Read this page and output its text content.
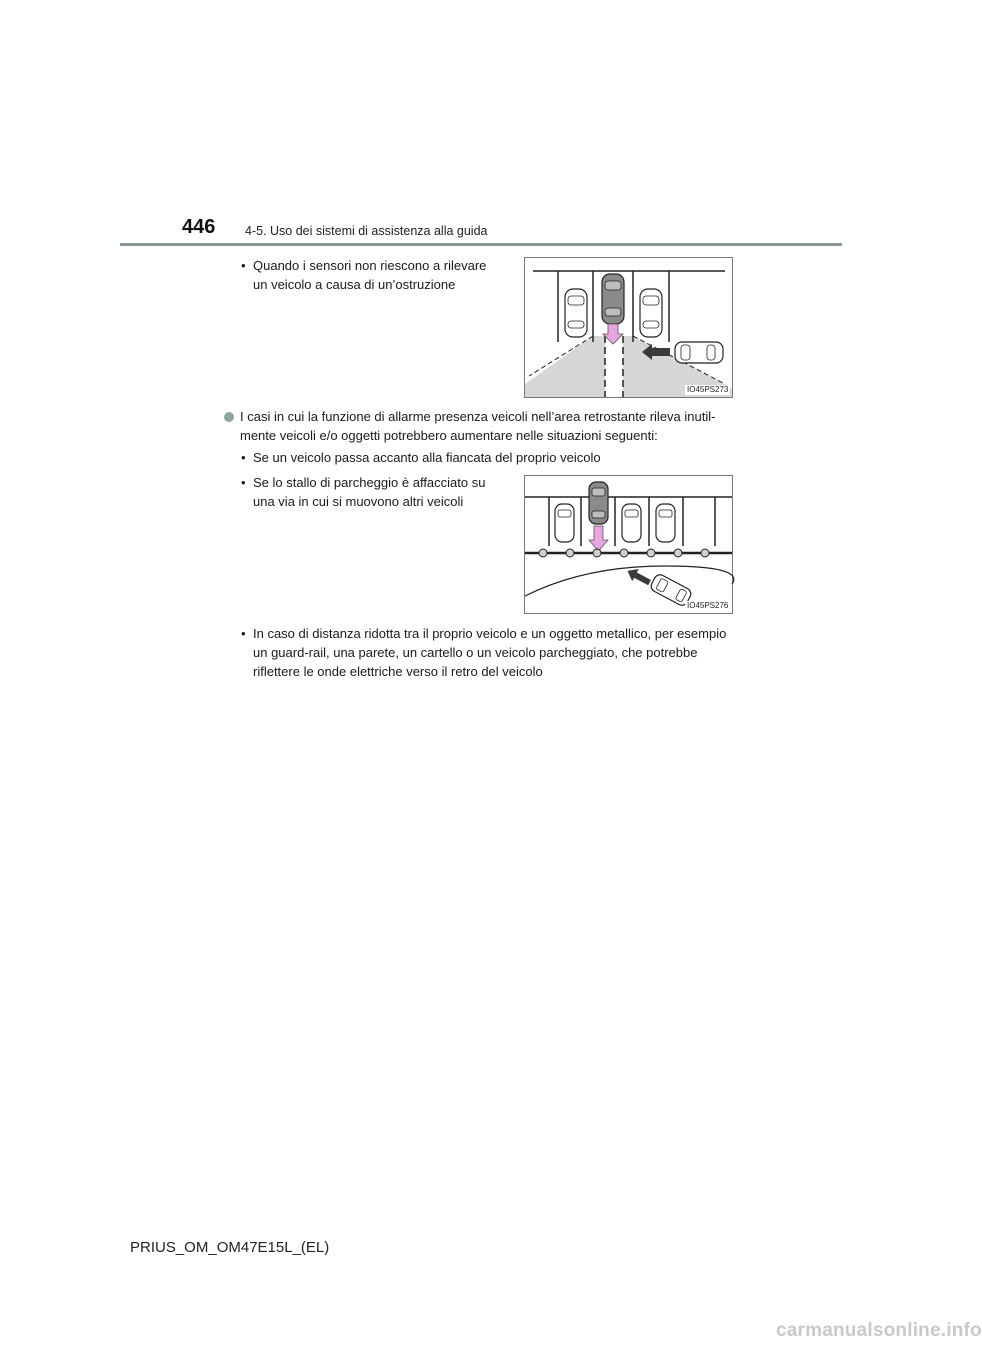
446 4-5. Uso dei sistemi di assistenza alla guida
• Quando i sensori non riescono a rilevare
un veicolo a causa di un’ostruzione
IO45PS273
I casi in cui la funzione di allarme presenza veicoli nell’area retrostante rileva inutil-
mente veicoli e/o oggetti potrebbero aumentare nelle situazioni seguenti:
• Se un veicolo passa accanto alla fiancata del proprio veicolo
• Se lo stallo di parcheggio è affacciato su
una via in cui si muovono altri veicoli
IO45PS276
• In caso di distanza ridotta tra il proprio veicolo e un oggetto metallico, per esempio
un guard-rail, una parete, un cartello o un veicolo parcheggiato, che potrebbe
riflettere le onde elettriche verso il retro del veicolo
PRIUS_OM_OM47E15L_(EL)
carmanualsonline.info
